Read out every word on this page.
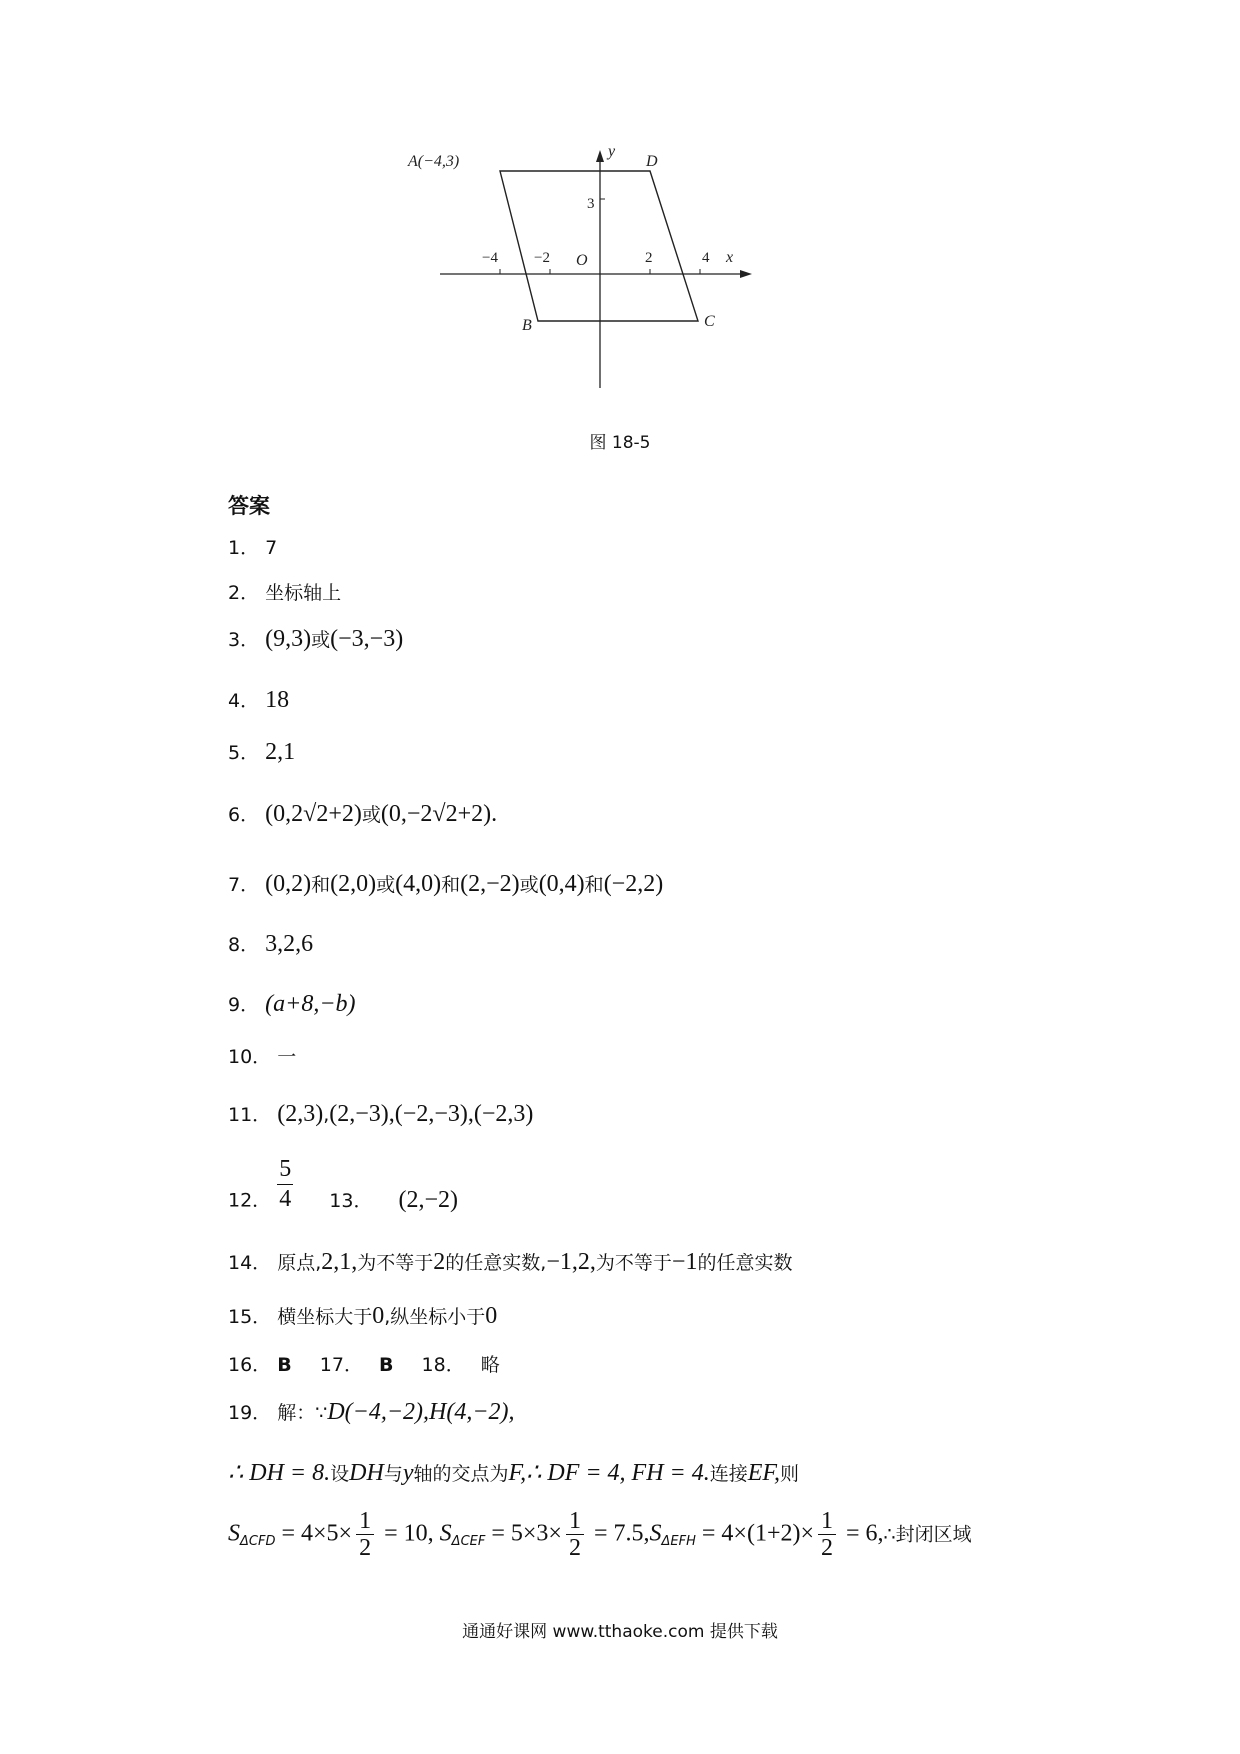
A(−4,3)	D
B	C
O	x
y
−4 −2	2	4
3
图 18-5
答案
1． 7
2． 坐标轴上
3． (9,3)或(−3,−3)
4． 18
5． 2,1
6． (0,2√2+2)或(0,−2√2+2).
7． (0,2)和(2,0)或(4,0)和(2,−2)或(0,4)和(−2,2)
8． 3,2,6
9． (a+8,−b)
10． 一
11． (2,3),(2,−3),(−2,−3),(−2,3)
12． $\frac{5}{4} 13$． (2,−2)
14． 原点,2,1,为不等于2的任意实数,−1,2,为不等于−1的任意实数
15． 横坐标大于0,纵坐标小于0
16． B 17． B 18． 略
19． 解：∵D(−4,−2),H(4,−2),
∴ DH = 8.设DH与y轴的交点为F,∴ DF = 4, FH = 4.连接EF,则
$S_{\Delta CFD} = 4\times 5\times \frac{1}{2} = 10$, $S_{\Delta CEF} = 5\times 3\times \frac{1}{2} = 7.5,S_{\Delta EFH} = 4\times(1+2)\times \frac{1}{2}$ = 6,∴封闭区域
通通好课网 www.tthaoke.com 提供下载
